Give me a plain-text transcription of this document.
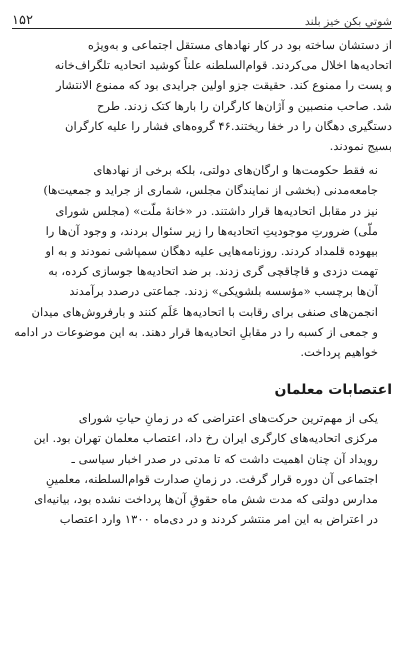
شوتي بكن خيز بلند
۱۵۲

از دستشان ساخته بود در کار نهادهای مستقل اجتماعی و به‌ویژه
اتحادیه‌ها اخلال می‌کردند. قوام‌السلطنه علناً کوشید اتحادیه تلگراف‌خانه
و پست را ممنوع کند. حقیقت جزو اولین جرایدی بود که ممنوع الانتشار
شد. صاحب منصبین و آژان‌ها کارگران را بارها کتک زدند. طرح
دستگیری دهگان را در خفا ریختند.۴۶ گروه‌های فشار را علیه کارگران
بسیج نمودند.

نه فقط حکومت‌ها و ارگان‌های دولتی، بلکه برخی از نهادهای
جامعه‌مدنی (بخشی از نمایندگان مجلس، شماری از جراید و جمعیت‌ها)
نیز در مقابل اتحادیه‌ها قرار داشتند. در «خانهٔ ملّت» (مجلس شورای
ملّی) ضرورتِ موجودیتِ اتحادیه‌ها را زیر سئوال بردند، و وجود آن‌ها را
بیهوده قلمداد کردند. روزنامه‌هایی علیه دهگان سمپاشی نمودند و به او
تهمت دزدی و قاچاقچی گری زدند. بر ضد اتحادیه‌ها جوسازی کرده، به
آن‌ها برچسب «مؤسسه بلشویکی» زدند. جماعتی درصدد برآمدند
انجمن‌های صنفی برای رقابت با اتحادیه‌ها عَلَم کنند و بارفروش‌های میدان
و جمعی از کسبه را در مقابلِ اتحادیه‌ها قرار دهند. به این موضوعات در ادامه
خواهیم پرداخت.

اعتصابات معلمان

یکی از مهم‌ترین حرکت‌های اعتراضی که در زمانِ حیاتِ شورای
مرکزی اتحادیه‌های کارگری ایران رخ داد، اعتصاب معلمان تهران بود. این
رویداد آن چنان اهمیت داشت که تا مدتی در صدر اخبار سیاسی ـ
اجتماعی آن دوره قرار گرفت. در زمانِ صدارت قوام‌السلطنه، معلمینِ
مدارس دولتی که مدت شش ماه حقوقِ آن‌ها پرداخت نشده بود، بیانیه‌ای
در اعتراض به این امر منتشر کردند و در دی‌ماه ۱۳۰۰ وارد اعتصاب
